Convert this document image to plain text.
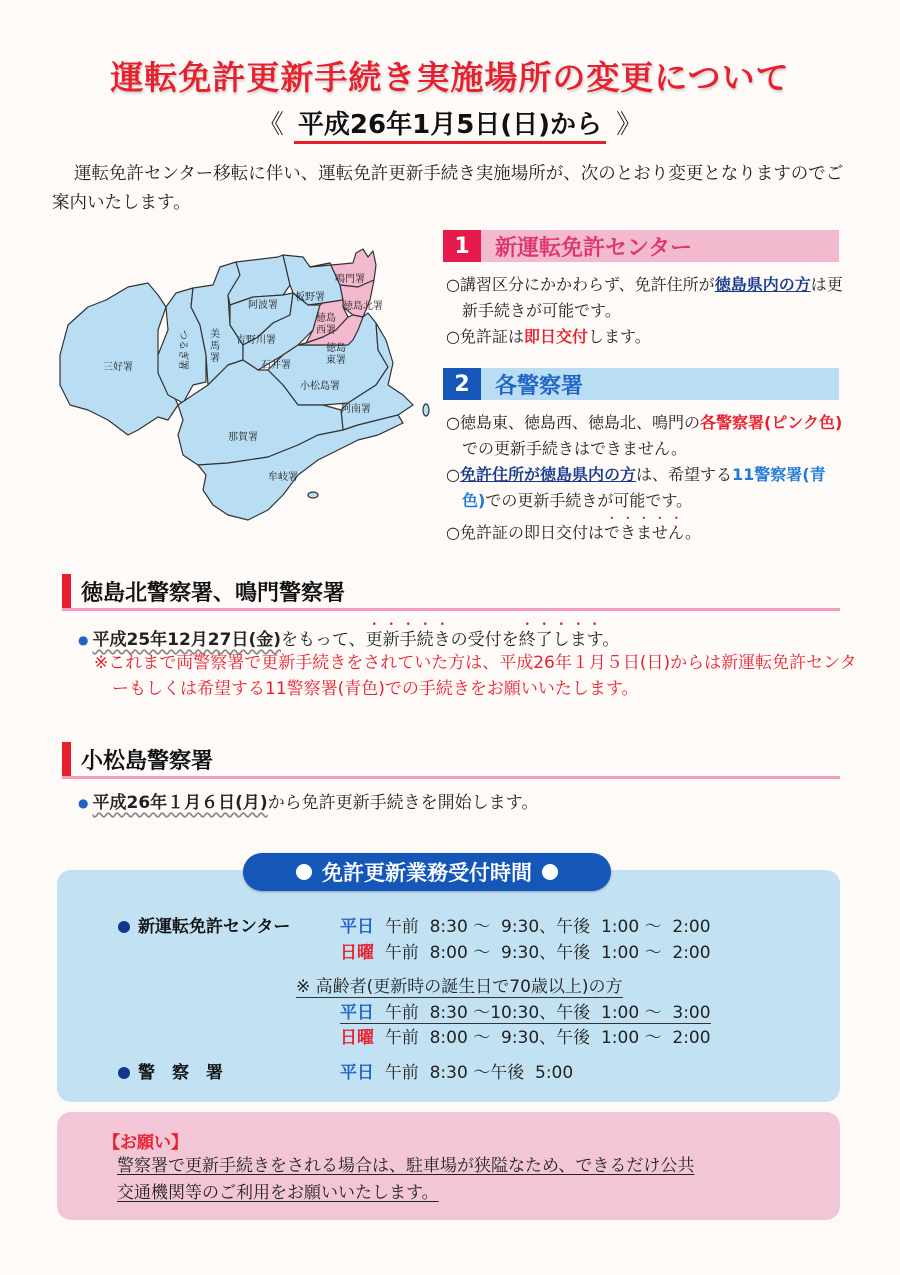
運転免許更新手続き実施場所の変更について
《 平成26年1月5日(日)から 》
運転免許センター移転に伴い、運転免許更新手続き実施場所が、次のとおり変更となりますのでご案内いたします。
鳴門署
板野署
阿波署	徳島北署
徳島
西署
徳島
東署
美
馬
署
吉野川署
つるぎ署
三好署	石井署
小松島署
阿南署
那賀署
牟岐署
1	新運転免許センター

○講習区分にかかわらず、免許住所が徳島県内の方は更新手続きが可能です。

○免許証は即日交付します。

2	各警察署

○徳島東、徳島西、徳島北、鳴門の各警察署(ピンク色)での更新手続きはできません。

○免許住所が徳島県内の方は、希望する11警察署(青色)での更新手続きが可能です。

○免許証の即日交付はできません。

徳島北警察署、鳴門警察署
● 平成25年12月27日(金)をもって、更新手続きの受付を終了します。
※これまで両警察署で更新手続きをされていた方は、平成26年１月５日(日)からは新運転免許センターもしくは希望する11警察署(青色)での手続きをお願いいたします。
小松島警察署
● 平成26年１月６日(月)から免許更新手続きを開始します。
免許更新業務受付時間
新運転免許センター	平日 午前  8:30 〜  9:30、午後  1:00 〜  2:00
日曜 午前  8:00 〜  9:30、午後  1:00 〜  2:00
※ 高齢者(更新時の誕生日で70歳以上)の方
平日 午前  8:30 〜10:30、午後  1:00 〜  3:00
日曜 午前  8:00 〜  9:30、午後  1:00 〜  2:00
警　察　署	平日 午前  8:30 〜午後  5:00
【お願い】
警察署で更新手続きをされる場合は、駐車場が狭隘なため、できるだけ公共
交通機関等のご利用をお願いいたします。
